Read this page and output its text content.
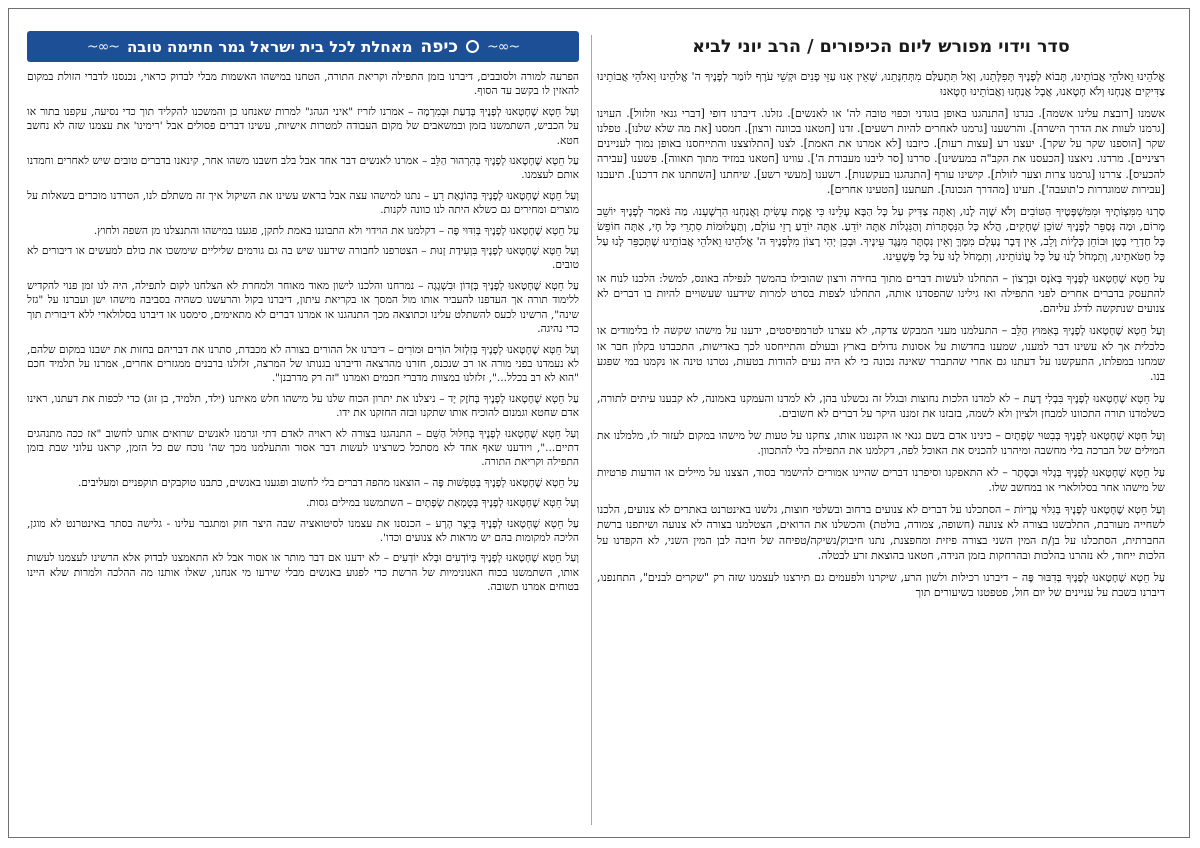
סדר וידוי מפורש ליום הכיפורים / הרב יוני לביא

אֱלֹהֵינוּ וֵאלֹהֵי אֲבוֹתֵינוּ, תָּבוֹא לְפָנֶיךָ תְּפִלָּתֵנוּ, וְאַל תִּתְעַלַּם מִתְּחִנָּתֵנוּ, שֶׁאֵין אָנוּ עַזֵּי פָנִים וּקְשֵׁי עֹרֶף לוֹמַר לְפָנֶיךָ ה' אֱלֹהֵינוּ וֵאלֹהֵי אֲבוֹתֵינוּ צַדִּיקִים אֲנַחְנוּ וְלֹא חָטָאנוּ, אֲבָל אֲנַחְנוּ וַאֲבוֹתֵינוּ חָטָאנוּ

אשמנו [רובצת עלינו אשמה]. בגדנו [התנהגנו באופן בוגדני וכפוי טובה לה' או לאנשים]. גזלנו. דיברנו דופי [דברי גנאי וזלזול]. העוינו [גרמנו לעוות את הדרך הישרה]. והרשענו [גרמנו לאחרים להיות רשעים]. זדנו [חטאנו בכוונה ורצון]. חמסנו [את מה שלא שלנו]. טפלנו שקר [הוספנו שקר על שקר]. יעצנו רע [עצות רעות]. כיזבנו [לא אמרנו את האמת]. לצנו [התלוצצנו והתייחסנו באופן נמוך לעניינים רציניים]. מרדנו. ניאצנו [הכעסנו את הקב"ה במעשינו]. סררנו [סר ליבנו מעבודת ה']. עווינו [חטאנו במזיד מתוך תאווה]. פשענו [עבירה להכעיס]. צררנו [גרמנו צרות וצער לזולת]. קישינו עורף [התנהגנו בעקשנות]. רשענו [מעשי רשע]. שיחתנו [השחתנו את דרכנו]. תיעבנו [עבירות שמוגדרות כ'תועבה']. תעינו [מהדרך הנכונה]. תעתענו [הטעינו אחרים].

סַרְנוּ מִמִּצְוֹתֶיךָ וּמִמִּשְׁפָּטֶיךָ הַטּוֹבִים וְלֹא שָׁוָה לָנוּ, וְאַתָּה צַדִּיק עַל כָּל הַבָּא עָלֵינוּ כִּי אֱמֶת עָשִׂיתָ וַאֲנַחְנוּ הִרְשָׁעְנוּ. מַה נֹּאמַר לְפָנֶיךָ יוֹשֵׁב מָרוֹם, וּמַה נְּסַפֵּר לְפָנֶיךָ שׁוֹכֵן שְׁחָקִים, הֲלֹא כָּל הַנִּסְתָּרוֹת וְהַנִּגְלוֹת אַתָּה יוֹדֵעַ. אַתָּה יוֹדֵעַ רָזֵי עוֹלָם, וְתַעֲלוּמוֹת סִתְרֵי כָּל חָי, אַתָּה חוֹפֵשׂ כָּל חַדְרֵי בָטֶן וּבוֹחֵן כְּלָיוֹת וָלֵב, אֵין דָּבָר נֶעְלָם מִמֶּךָּ וְאֵין נִסְתָּר מִנֶּגֶד עֵינֶיךָ. וּבְכֵן יְהִי רָצוֹן מִלְּפָנֶיךָ ה' אֱלֹהֵינוּ וֵאלֹהֵי אֲבוֹתֵינוּ שֶׁתְּכַפֵּר לָנוּ עַל כָּל חַטֹּאתֵינוּ, וְתִמְחֹל לָנוּ עַל כָּל עֲוֹנוֹתֵינוּ, וְתִמְחֹל לָנוּ עַל כָּל פְּשָׁעֵינוּ.

עַל חֵטְא שֶׁחָטָאנוּ לְפָנֶיךָ בְּאֹנֶס וּבְרָצוֹן – התחלנו לעשות דברים מתוך בחירה ורצון שהובילו בהמשך לנפילה באונס, למשל: הלכנו לנוח או להתעסק בדברים אחרים לפני התפילה ואז גילינו שהפסדנו אותה, התחלנו לצפות בסרט למרות שידענו שעשויים להיות בו דברים לא צנועים שנתקשה לדלג עליהם.

וְעַל חֵטְא שֶׁחָטָאנוּ לְפָנֶיךָ בְּאִמּוּץ הַלֵּב – התעלמנו מעני המבקש צדקה, לא עצרנו לטרמפיסטים, ידענו על מישהו שקשה לו בלימודים או כלכלית אך לא עשינו דבר למענו, שמענו בחדשות על אסונות גדולים בארץ ובעולם והתייחסנו לכך באדישות, התכבדנו בקלון חבר או שמחנו במפלתו, התעקשנו על דעתנו גם אחרי שהתברר שאינה נכונה כי לא היה נעים להודות בטעות, נטרנו טינה או נקמנו במי שפגע בנו.

עַל חֵטְא שֶׁחָטָאנוּ לְפָנֶיךָ בִּבְלִי דָעַת – לא למדנו הלכות נחוצות ובגלל זה נכשלנו בהן, לא למדנו והעמקנו באמונה, לא קבענו עיתים לתורה, כשלמדנו תורה התכוונו למבחן ולציון ולא לשמה, בזבזנו את זמננו היקר על דברים לא חשובים.

וְעַל חֵטְא שֶׁחָטָאנוּ לְפָנֶיךָ בְּבִטּוּי שְׂפָתָיִם – כינינו אדם בשם גנאי או הקנטנו אותו, צחקנו על טעות של מישהו במקום לעזור לו, מלמלנו את המילים של הברכה בלי מחשבה ומיהרנו להכניס את האוכל לפה, דקלמנו את התפילה בלי להתכוון.

עַל חֵטְא שֶׁחָטָאנוּ לְפָנֶיךָ בְּגָלוּי וּבַסָּתֶר – לא התאפקנו וסיפרנו דברים שהיינו אמורים להישמר בסוד, הצצנו על מיילים או הודעות פרטיות של מישהו אחר בסלולארי או במחשב שלו.

וְעַל חֵטְא שֶׁחָטָאנוּ לְפָנֶיךָ בְּגִלּוּי עֲרָיוֹת – הסתכלנו על דברים לא צנועים ברחוב ובשלטי חוצות, גלשנו באינטרנט באתרים לא צנועים, הלכנו לשחייה מעורבת, התלבשנו בצורה לא צנועה (חשופה, צמודה, בולטת) והכשלנו את הרואים, הצטלמנו בצורה לא צנועה ושיתפנו ברשת החברתית, הסתכלנו על בן/ת המין השני בצורה פיזית ומחפצנת, נתנו חיבוק/נשיקה/טפיחה של חיבה לבן המין השני, לא הקפדנו על הלכות ייחוד, לא נזהרנו בהלכות ובהרחקות בזמן הנידה, חטאנו בהוצאת זרע לבטלה.

עַל חֵטְא שֶׁחָטָאנוּ לְפָנֶיךָ בְּדִבּוּר פֶּה – דיברנו רכילות ולשון הרע, שיקרנו ולפעמים גם תירצנו לעצמנו שזה רק "שקרים לבנים", התחנפנו, דיברנו בשבת על עניינים של יום חול, פטפטנו בשיעורים תוך

~∞~
כיפה
מאחלת לכל בית ישראל גמר חתימה טובה
~∞~

הפרעה למורה ולסובבים, דיברנו בזמן התפילה וקריאת התורה, הטחנו במישהו האשמות מבלי לבדוק כראוי, נכנסנו לדברי הזולת במקום להאזין לו בקשב עד הסוף.

וְעַל חֵטְא שֶׁחָטָאנוּ לְפָנֶיךָ בְּדַעַת וּבְמִרְמָה – אמרנו לזריז "איני הגהג" למרות שאנחנו כן והמשכנו להקליד תוך כדי נסיעה, עקפנו בתור או על הכביש, השתמשנו בזמן ובמשאבים של מקום העבודה למטרות אישיות, עשינו דברים פסולים אבל 'רימינו' את עצמנו שזה לא נחשב חטא.

עַל חֵטְא שֶׁחָטָאנוּ לְפָנֶיךָ בְּהִרְהוּר הַלֵּב – אמרנו לאנשים דבר אחד אבל בלב חשבנו משהו אחר, קינאנו בדברים טובים שיש לאחרים וחמדנו אותם לעצמנו.

וְעַל חֵטְא שֶׁחָטָאנוּ לְפָנֶיךָ בְּהוֹנָאַת רֵעַ – נתנו למישהו עצה אבל בראש עשינו את השיקול איך זה משתלם לנו, הטרדנו מוכרים בשאלות על מוצרים ומחירים גם כשלא היתה לנו כוונה לקנות.

עַל חֵטְא שֶׁחָטָאנוּ לְפָנֶיךָ בְּוִדּוּי פֶּה – דקלמנו את הוידוי ולא התבוננו באמת לתקן, פגענו במישהו והתנצלנו מן השפה ולחוץ.

וְעַל חֵטְא שֶׁחָטָאנוּ לְפָנֶיךָ בִּוְעִידַת זְנוּת – הצטרפנו לחבורה שידענו שיש בה גם גורמים שליליים שימשכו את כולם למעשים או דיבורים לא טובים.

עַל חֵטְא שֶׁחָטָאנוּ לְפָנֶיךָ בְּזָדוֹן וּבִשְׁגָגָה – נמרחנו והלכנו לישון מאוד מאוחר ולמחרת לא הצלחנו לקום לתפילה, היה לנו זמן פנוי להקדיש ללימוד תורה אך העדפנו להעביר אותו מול המסך או בקריאת עיתון, דיברנו בקול והרעשנו כשהיה בסביבה מישהו ישן ועברנו על "גזל שינה", הרשינו לכעס להשתלט עלינו וכתוצאה מכך התנהגנו או אמרנו דברים לא מתאימים, סימסנו או דיברנו בסלולארי ללא דיבורית תוך כדי נהיגה.

וְעַל חֵטְא שֶׁחָטָאנוּ לְפָנֶיךָ בְּזִלְזוּל הוֹרִים וּמוֹרִים – דיברנו אל ההורים בצורה לא מכבדת, סתרנו את דבריהם בחזות את ישבנו במקום שלהם, לא נעמדנו בפני מורה או רב שנכנס, חזרנו מהרצאה ודיברנו בגנותו של המרצה, זלזלנו ברבנים ממגזרים אחרים, אמרנו על תלמיד חכם "הוא לא רב בכלל...", זלזלנו במצוות מדברי חכמים ואמרנו "זה רק מדרבנן".

עַל חֵטְא שֶׁחָטָאנוּ לְפָנֶיךָ בְּחֹזֶק יָד – ניצלנו את יתרון הכוח שלנו על מישהו חלש מאיתנו (ילד, תלמיד, בן זוג) כדי לכפות את דעתנו, ראינו אדם שחטא וגמנום להוכיח אותו שתקנו ובזה החזקנו את ידו.

וְעַל חֵטְא שֶׁחָטָאנוּ לְפָנֶיךָ בְּחִלּוּל הַשֵּׁם – התנהגנו בצורה לא ראויה לאדם דתי וגרמנו לאנשים שרואים אותנו לחשוב "אז ככה מתנהגים דתיים...", ויודענו שאף אחד לא מסתכל כשרצינו לעשות דבר אסור והתעלמנו מכך שה' נוכח שם כל הזמן, קראנו עלוני שבת בזמן התפילה וקריאת התורה.

עַל חֵטְא שֶׁחָטָאנוּ לְפָנֶיךָ בְּטִפְשׁוּת פֶּה – הוצאנו מהפה דברים בלי לחשוב ופגענו באנשים, כתבנו טוקבקים תוקפניים ומעליבים.

וְעַל חֵטְא שֶׁחָטָאנוּ לְפָנֶיךָ בְּטֻמְאַת שְׂפָתָיִם – השתמשנו במילים גסות.

עַל חֵטְא שֶׁחָטָאנוּ לְפָנֶיךָ בְּיֵצֶר הָרָע – הכנסנו את עצמנו לסיטואציה שבה היצר חזק ומתגבר עלינו - גלישה בסתר באינטרנט לא מוגן, הליכה למקומות בהם יש מראות לא צנועים וכדו'.

וְעַל חֵטְא שֶׁחָטָאנוּ לְפָנֶיךָ בְּיוֹדְעִים וּבְלֹא יוֹדְעִים – לא ידענו אם דבר מותר או אסור אבל לא התאמצנו לבדוק אלא הרשינו לעצמנו לעשות אותו, השתמשנו בכוח האנונימיות של הרשת כדי לפגוע באנשים מבלי שידעו מי אנחנו, שאלו אותנו מה ההלכה ולמרות שלא היינו בטוחים אמרנו תשובה.
